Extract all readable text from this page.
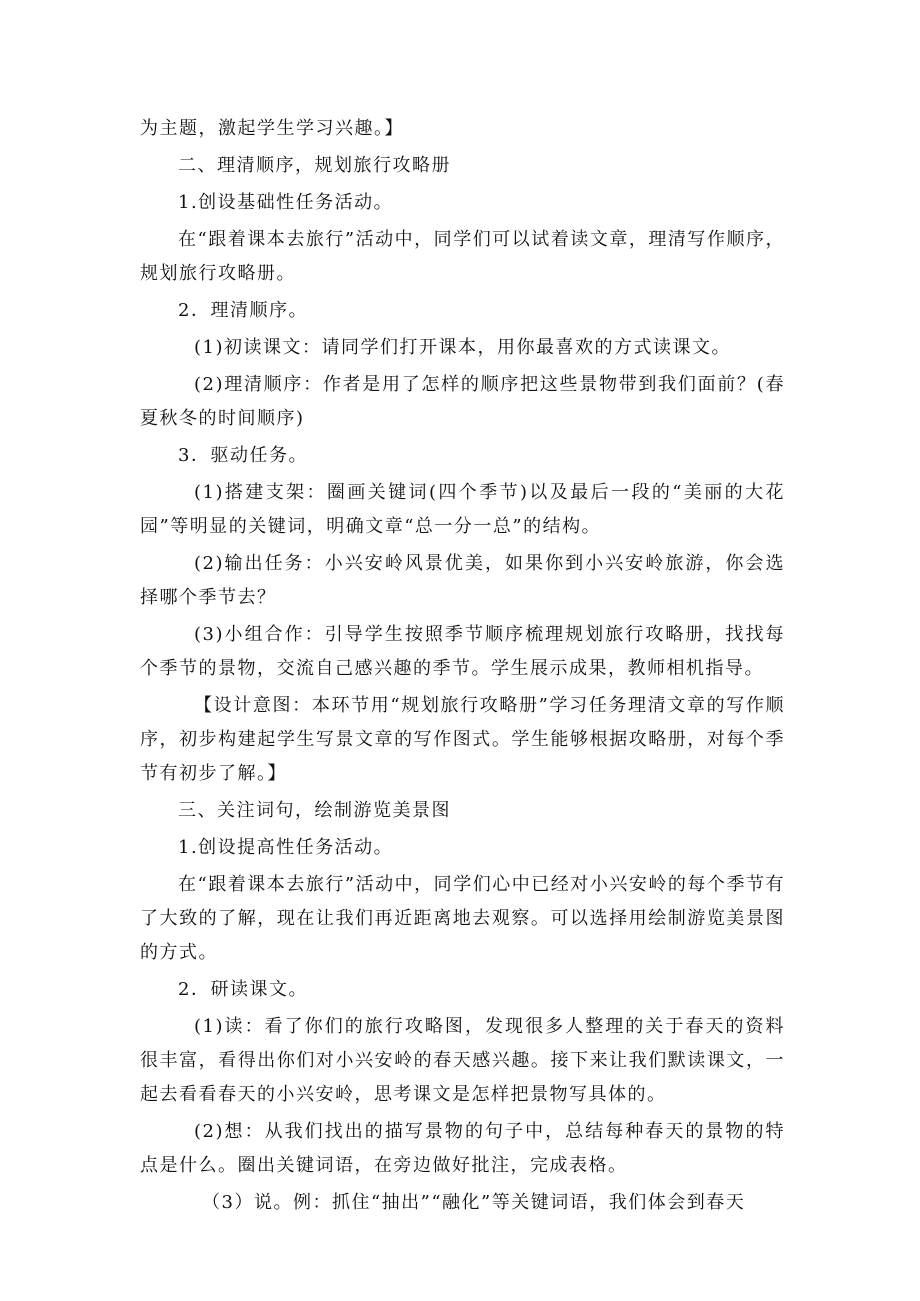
为主题，激起学生学习兴趣。】

二、理清顺序，规划旅行攻略册

1.创设基础性任务活动。

在“跟着课本去旅行”活动中，同学们可以试着读文章，理清写作顺序，规划旅行攻略册。

2．理清顺序。

(1)初读课文：请同学们打开课本，用你最喜欢的方式读课文。

(2)理清顺序：作者是用了怎样的顺序把这些景物带到我们面前？(春夏秋冬的时间顺序)

3．驱动任务。

(1)搭建支架：圈画关键词(四个季节)以及最后一段的“美丽的大花园”等明显的关键词，明确文章“总一分一总”的结构。

(2)输出任务：小兴安岭风景优美，如果你到小兴安岭旅游，你会选择哪个季节去？

(3)小组合作：引导学生按照季节顺序梳理规划旅行攻略册，找找每个季节的景物，交流自己感兴趣的季节。学生展示成果，教师相机指导。

【设计意图：本环节用“规划旅行攻略册”学习任务理清文章的写作顺序，初步构建起学生写景文章的写作图式。学生能够根据攻略册，对每个季节有初步了解。】

三、关注词句，绘制游览美景图

1.创设提高性任务活动。

在“跟着课本去旅行”活动中，同学们心中已经对小兴安岭的每个季节有了大致的了解，现在让我们再近距离地去观察。可以选择用绘制游览美景图的方式。

2．研读课文。

(1)读：看了你们的旅行攻略图，发现很多人整理的关于春天的资料很丰富，看得出你们对小兴安岭的春天感兴趣。接下来让我们默读课文，一起去看看春天的小兴安岭，思考课文是怎样把景物写具体的。

(2)想：从我们找出的描写景物的句子中，总结每种春天的景物的特点是什么。圈出关键词语，在旁边做好批注，完成表格。

（3）说。例：抓住“抽出”“融化”等关键词语，我们体会到春天
